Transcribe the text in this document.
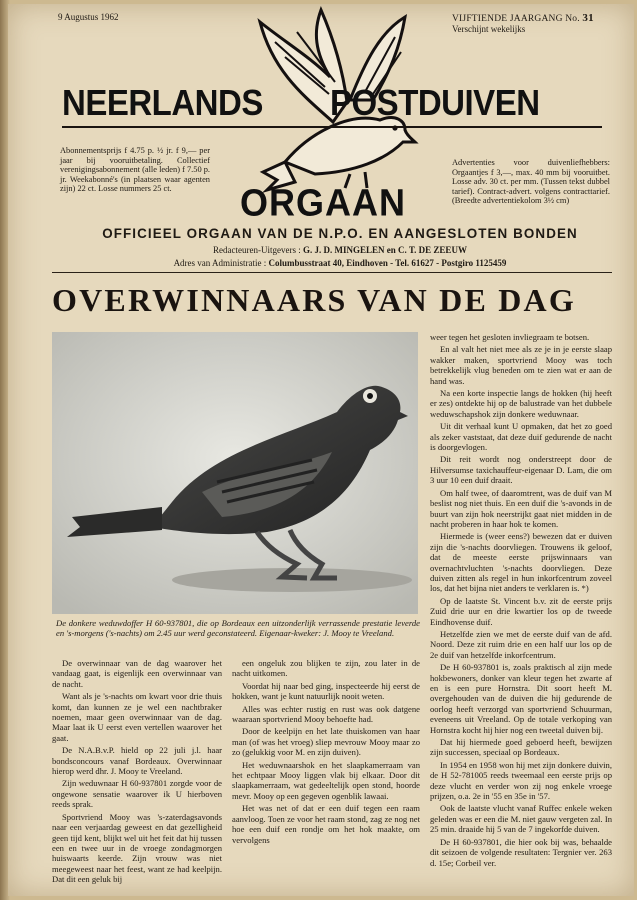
9 Augustus 1962	VIJFTIENDE JAARGANG No. 31
Verschijnt wekelijks
NEERLANDS POSTDUIVEN
ORGAAN
Abonnementsprijs f 4.75 p. ½ jr. f 9,— per jaar bij vooruitbetaling. Collectief verenigingsabonnement (alle leden) f 7.50 p. jr. Weekabonné's (in plaatsen waar agenten zijn) 22 ct. Losse nummers 25 ct.
Advertenties voor duivenliefhebbers: Orgaantjes f 3,—, max. 40 mm bij vooruitbet. Losse adv. 30 ct. per mm. (Tussen tekst dubbel tarief). Contract-advert. volgens contracttarief. (Breedte advertentiekolom 3½ cm)
OFFICIEEL ORGAAN VAN DE N.P.O. EN AANGESLOTEN BONDEN
Redacteuren-Uitgevers : G. J. D. MINGELEN en C. T. DE ZEEUW
Adres van Administratie : Columbusstraat 40, Eindhoven - Tel. 61627 - Postgiro 1125459
OVERWINNAARS VAN DE DAG
De donkere weduwdoffer H 60-937801, die op Bordeaux een uitzonderlijk verrassende prestatie leverde en 's-morgens ('s-nachts) om 2.45 uur werd geconstateerd. Eigenaar-kweker: J. Mooy te Vreeland.

De overwinnaar van de dag waarover het vandaag gaat, is eigenlijk een overwinnaar van de nacht.

Want als je 's-nachts om kwart voor drie thuis komt, dan kunnen ze je wel een nachtbraker noemen, maar geen overwinnaar van de dag. Maar laat ik U eerst even vertellen waarover het gaat.

De N.A.B.v.P. hield op 22 juli j.l. haar bondsconcours vanaf Bordeaux. Overwinnaar hierop werd dhr. J. Mooy te Vreeland.

Zijn weduwnaar H 60-937801 zorgde voor de ongewone sensatie waarover ik U hierboven reeds sprak.

Sportvriend Mooy was 's-zaterdagsavonds naar een verjaardag geweest en dat gezelligheid geen tijd kent, blijkt wel uit het feit dat hij tussen een en twee uur in de vroege zondagmorgen huiswaarts keerde. Zijn vrouw was niet meegeweest naar het feest, want ze had keelpijn. Dat dit een geluk bij

een ongeluk zou blijken te zijn, zou later in de nacht uitkomen.

Voordat hij naar bed ging, inspecteerde hij eerst de hokken, want je kunt natuurlijk nooit weten.

Alles was echter rustig en rust was ook datgene waaraan sportvriend Mooy behoefte had.

Door de keelpijn en het late thuiskomen van haar man (of was het vroeg) sliep mevrouw Mooy maar zo zo (gelukkig voor M. en zijn duiven).

Het weduwnaarshok en het slaapkamerraam van het echtpaar Mooy liggen vlak bij elkaar. Door dit slaapkamerraam, wat gedeeltelijk open stond, hoorde mevr. Mooy op een gegeven ogenblik lawaai.

Het was net of dat er een duif tegen een raam aanvloog. Toen ze voor het raam stond, zag ze nog net hoe een duif een rondje om het hok maakte, om vervolgens

weer tegen het gesloten invliegraam te botsen.

En al valt het niet mee als ze je in je eerste slaap wakker maken, sportvriend Mooy was toch betrekkelijk vlug beneden om te zien wat er aan de hand was.

Na een korte inspectie langs de hokken (hij heeft er zes) ontdekte hij op de balustrade van het dubbele weduwschapshok zijn donkere weduwnaar.

Uit dit verhaal kunt U opmaken, dat het zo goed als zeker vaststaat, dat deze duif gedurende de nacht is doorgevlogen.

Dit reit wordt nog onderstreept door de Hilversumse taxichauffeur-eigenaar D. Lam, die om 3 uur 10 een duif draait.

Om half twee, of daaromtrent, was de duif van M beslist nog niet thuis. En een duif die 's-avonds in de buurt van zijn hok neerstrijkt gaat niet midden in de nacht proberen in haar hok te komen.

Hiermede is (weer eens?) bewezen dat er duiven zijn die 's-nachts doorvliegen. Trouwens ik geloof, dat de meeste eerste prijswinnaars van overnachtvluchten 's-nachts doorvliegen. Deze duiven zitten als regel in hun inkorfcentrum zoveel los, dat het bijna niet anders te verklaren is. *)

Op de laatste St. Vincent b.v. zit de eerste prijs Zuid drie uur en drie kwartier los op de tweede Eindhovense duif.

Hetzelfde zien we met de eerste duif van de afd. Noord. Deze zit ruim drie en een half uur los op de 2e duif van hetzelfde inkorfcentrum.

De H 60-937801 is, zoals praktisch al zijn mede hokbewoners, donker van kleur tegen het zwarte af en is een pure Hornstra. Dit soort heeft M. overgehouden van de duiven die hij gedurende de oorlog heeft verzorgd van sportvriend Schuurman, eveneens uit Vreeland. Op de totale verkoping van Hornstra kocht hij hier nog een tweetal duiven bij.

Dat hij hiermede goed geboerd heeft, bewijzen zijn successen, speciaal op Bordeaux.

In 1954 en 1958 won hij met zijn donkere duivin, de H 52-781005 reeds tweemaal een eerste prijs op deze vlucht en verder won zij nog enkele vroege prijzen, o.a. 2e in '55 en 35e in '57.

Ook de laatste vlucht vanaf Ruffec enkele weken geleden was er een die M. niet gauw vergeten zal. In 25 min. draaide hij 5 van de 7 ingekorfde duiven.

De H 60-937801, die hier ook bij was, behaalde dit seizoen de volgende resultaten: Tergnier ver. 263 d. 15e; Corbeil ver.
